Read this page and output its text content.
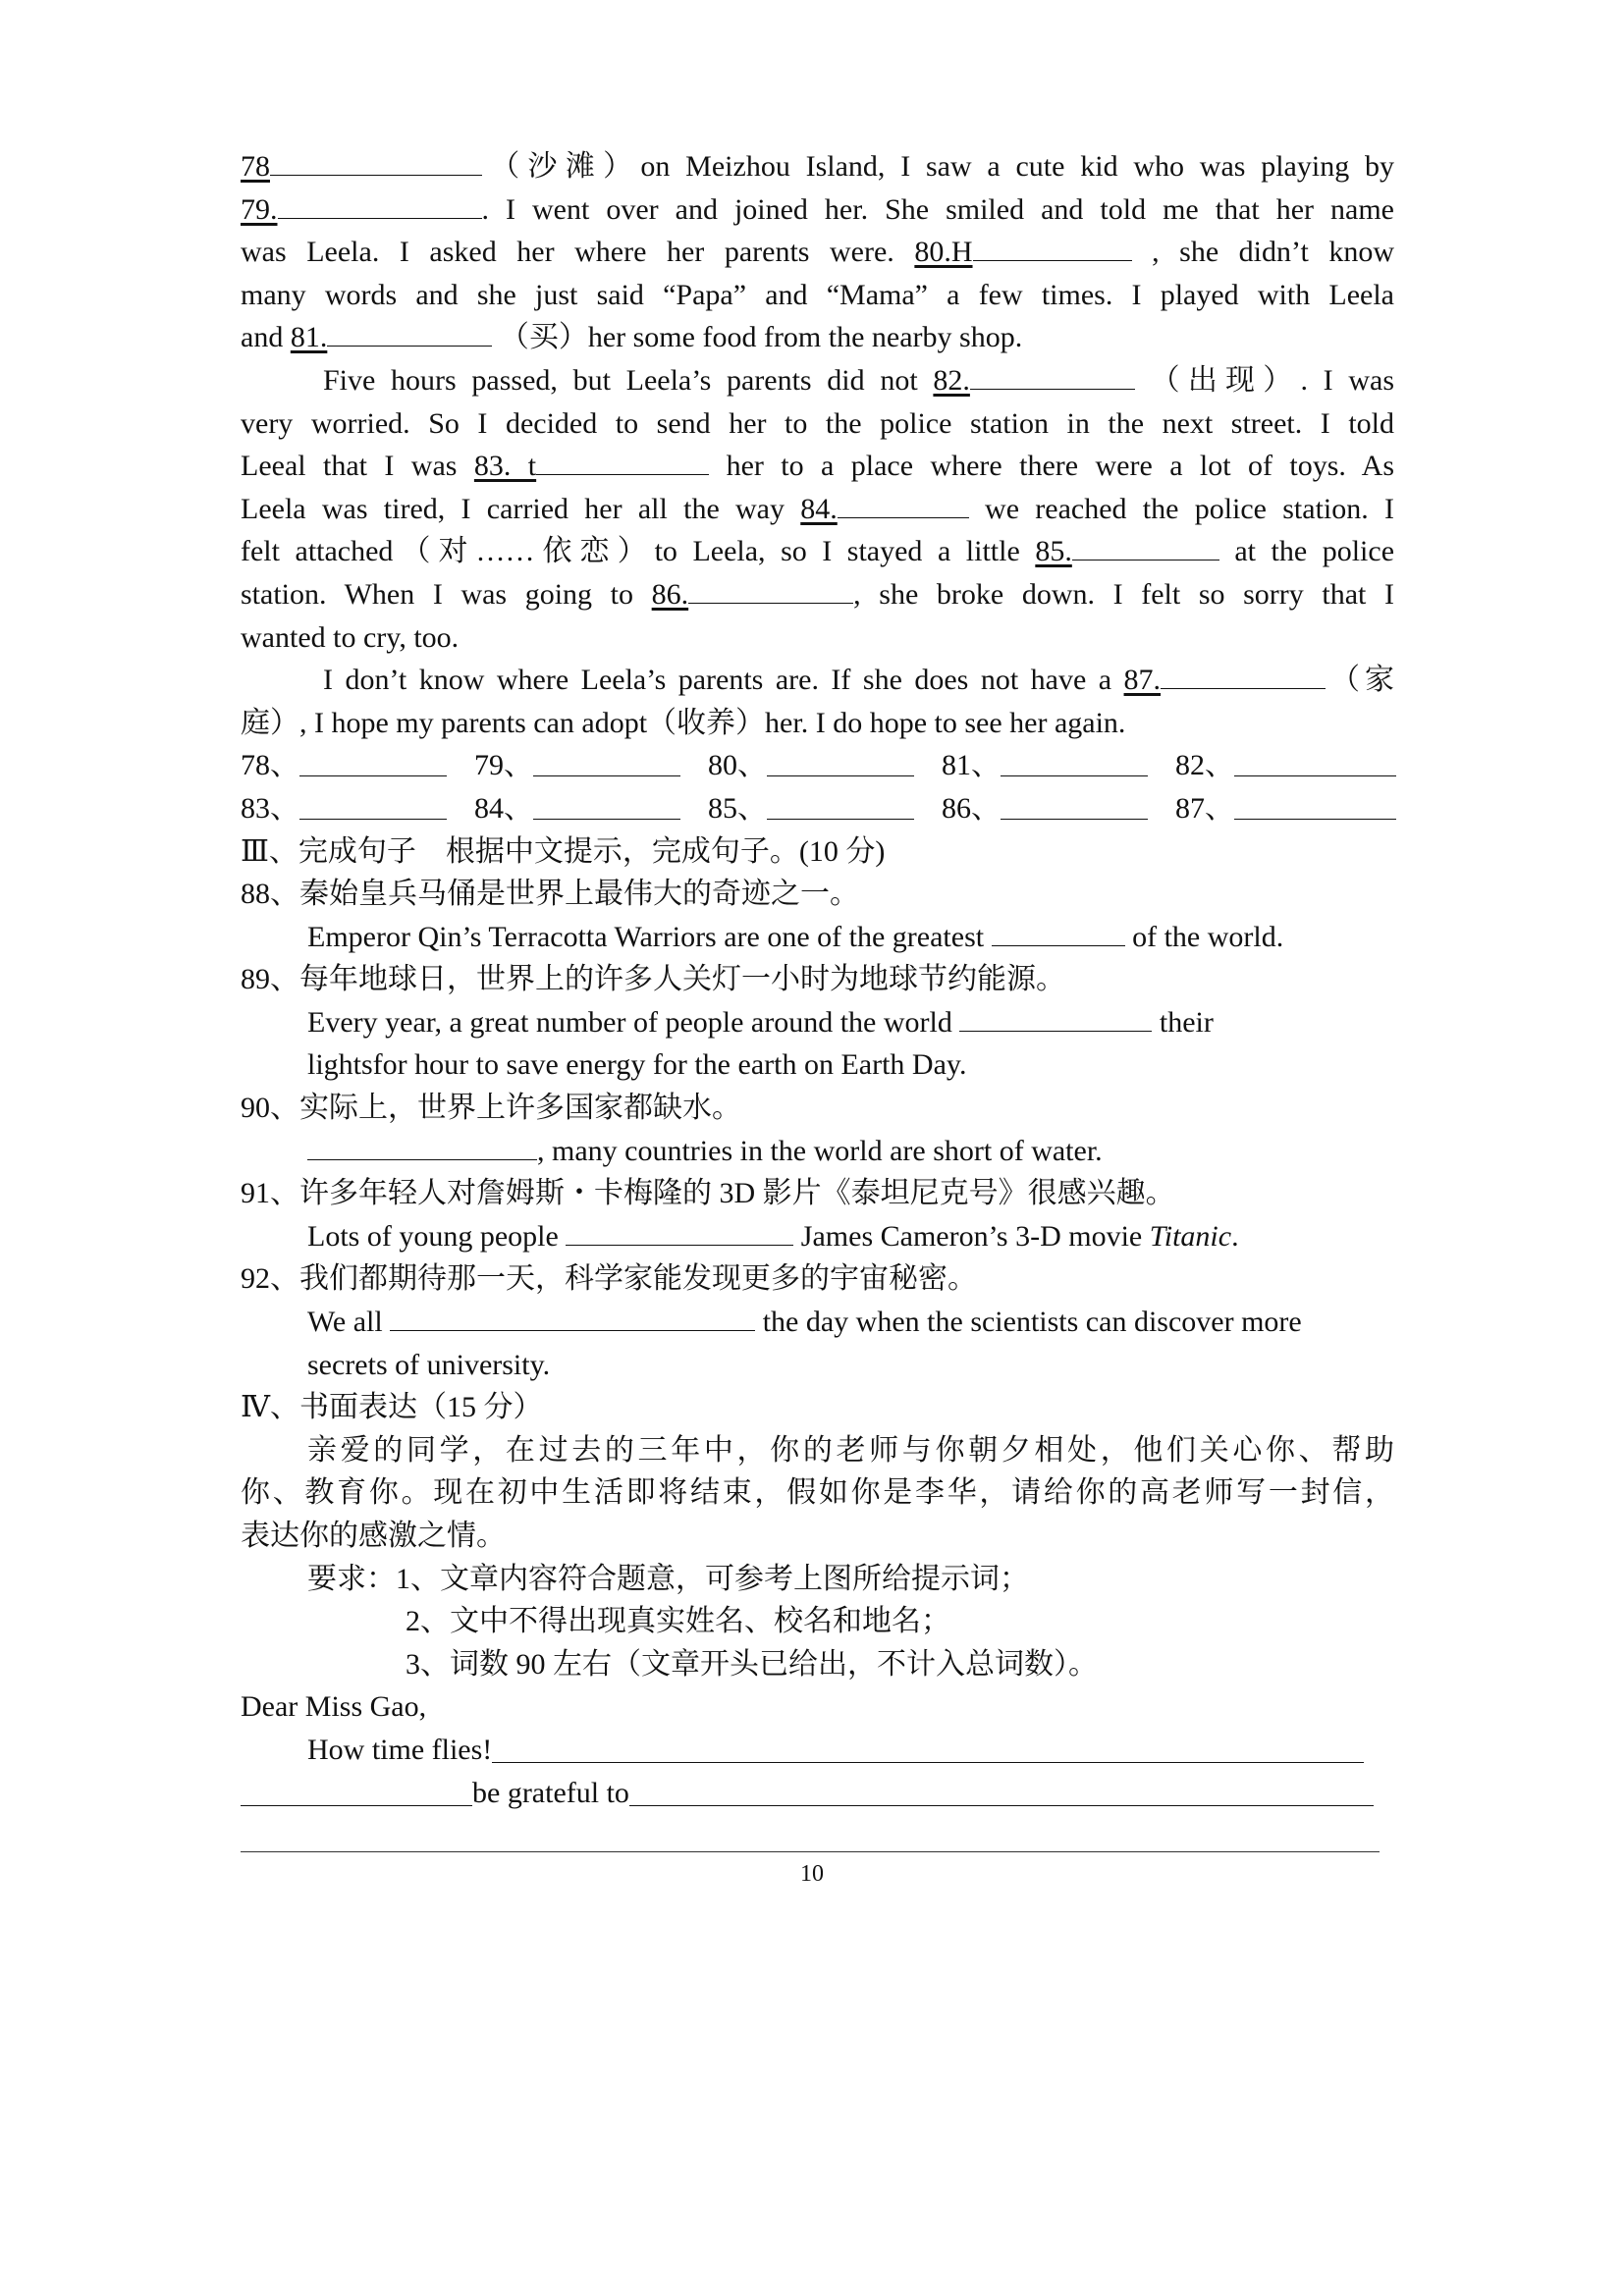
78	（沙滩）on Meizhou Island, I saw a cute kid who was playing by
79.	. I went over and joined her. She smiled and told me that her name
was Leela. I asked her where her parents were. 80.H	, she didn’t know
many words and she just said “Papa” and “Mama” a few times. I played with Leela
and 81.	（买）her some food from the nearby shop.
Five hours passed, but Leela’s parents did not 82.	（出现）. I was
very worried. So I decided to send her to the police station in the next street. I told
Leeal that I was 83. t	her to a place where there were a lot of toys. As
Leela was tired, I carried her all the way 84.	we reached the police station. I
felt attached（对……依恋）to Leela, so I stayed a little 85.	at the police
station. When I was going to 86.	, she broke down. I felt so sorry that I
wanted to cry, too.
I don’t know where Leela’s parents are. If she does not have a 87.	（家
庭）, I hope my parents can adopt（收养）her. I do hope to see her again.
78、	79、	80、	81、	82、
83、	84、	85、	86、	87、
Ⅲ、完成句子　根据中文提示，完成句子。(10 分)
88、秦始皇兵马俑是世界上最伟大的奇迹之一。
Emperor Qin’s Terracotta Warriors are one of the greatest	of the world.
89、每年地球日，世界上的许多人关灯一小时为地球节约能源。
Every year, a great number of people around the world	their
lightsfor hour to save energy for the earth on Earth Day.
90、实际上，世界上许多国家都缺水。
, many countries in the world are short of water.
91、许多年轻人对詹姆斯・卡梅隆的 3D 影片《泰坦尼克号》很感兴趣。
Lots of young people	James Cameron’s 3-D movie Titanic.
92、我们都期待那一天，科学家能发现更多的宇宙秘密。
We all	the day when the scientists can discover more
secrets of university.
Ⅳ、书面表达（15 分）
亲爱的同学，在过去的三年中，你的老师与你朝夕相处，他们关心你、帮助
你、教育你。现在初中生活即将结束，假如你是李华，请给你的高老师写一封信，
表达你的感激之情。
要求：1、文章内容符合题意，可参考上图所给提示词；
2、文中不得出现真实姓名、校名和地名；
3、词数 90 左右（文章开头已给出，不计入总词数）。
Dear Miss Gao,
How time flies!
be grateful to
10
